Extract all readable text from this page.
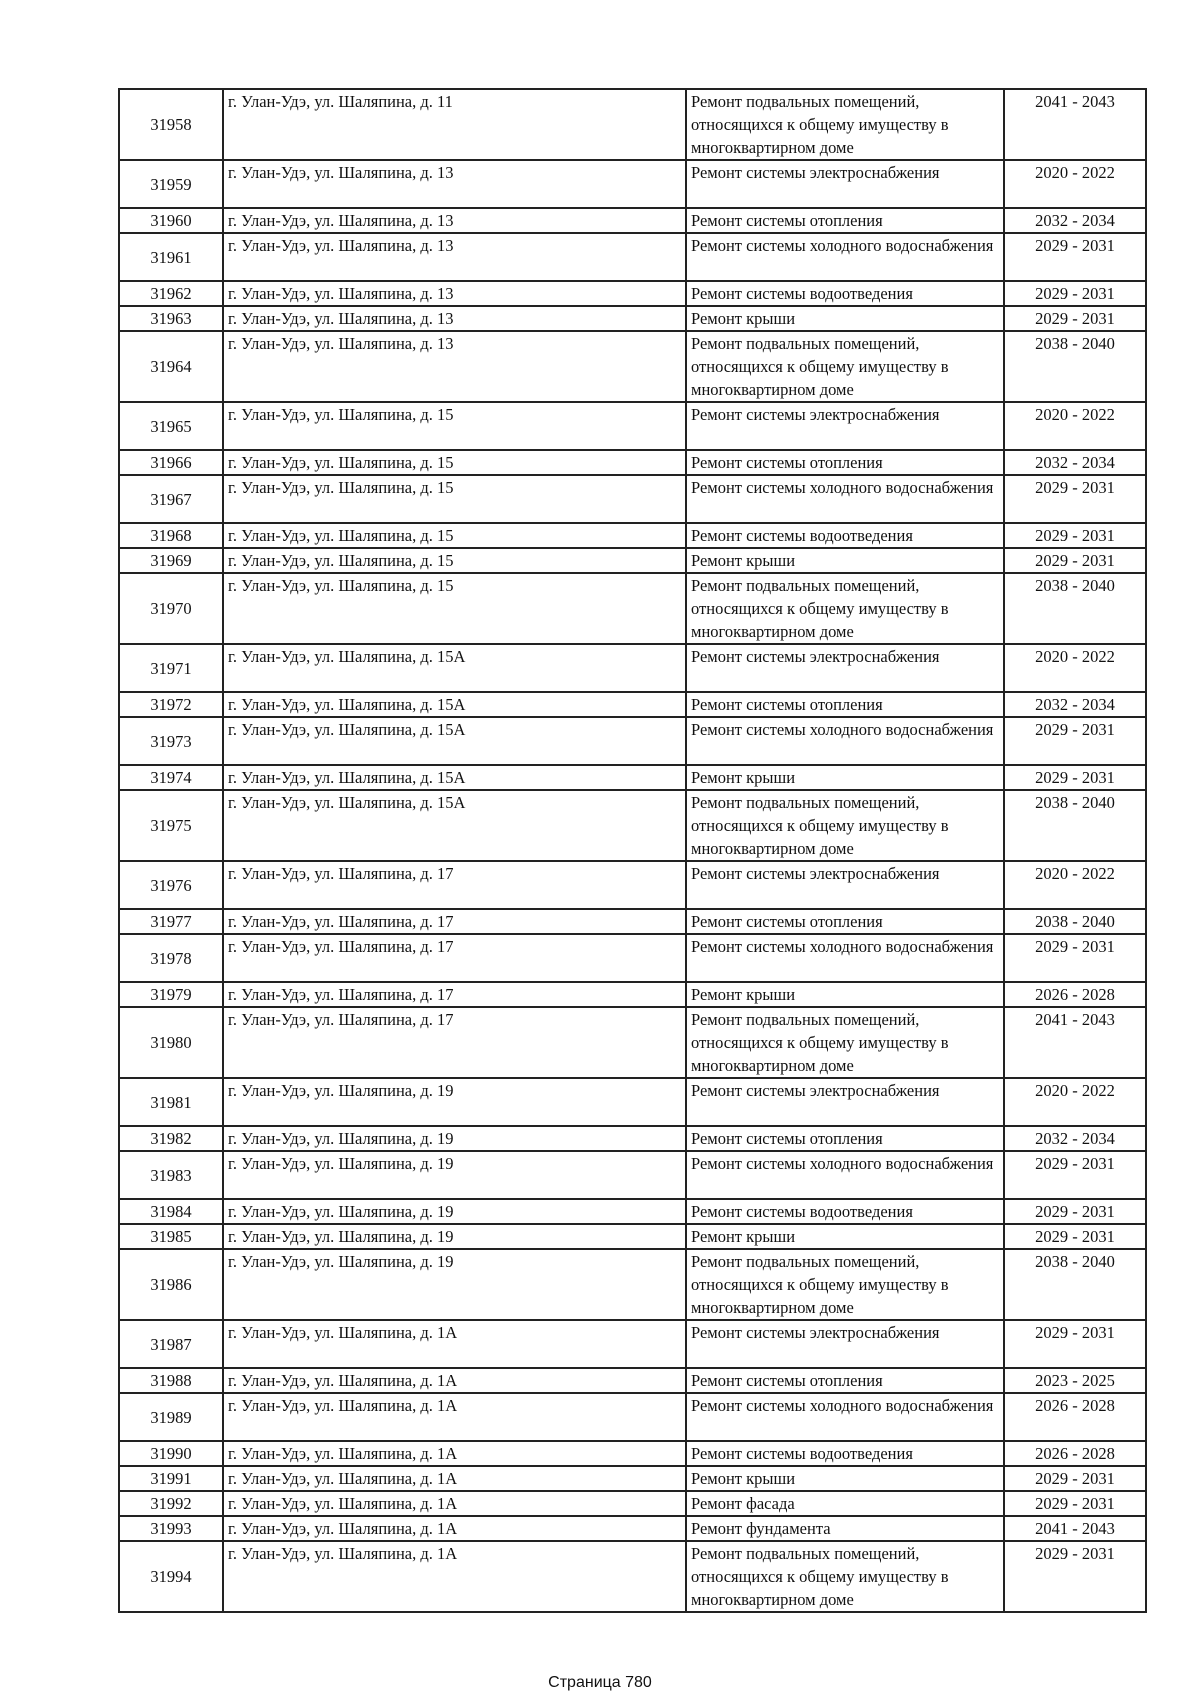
31958	г. Улан-Удэ, ул. Шаляпина, д. 11	Ремонт подвальных помещений, относящихся к общему имуществу в многоквартирном доме	2041 - 2043
31959	г. Улан-Удэ, ул. Шаляпина, д. 13	Ремонт системы электроснабжения	2020 - 2022
31960	г. Улан-Удэ, ул. Шаляпина, д. 13	Ремонт системы отопления	2032 - 2034
31961	г. Улан-Удэ, ул. Шаляпина, д. 13	Ремонт системы холодного водоснабжения	2029 - 2031
31962	г. Улан-Удэ, ул. Шаляпина, д. 13	Ремонт системы водоотведения	2029 - 2031
31963	г. Улан-Удэ, ул. Шаляпина, д. 13	Ремонт крыши	2029 - 2031
31964	г. Улан-Удэ, ул. Шаляпина, д. 13	Ремонт подвальных помещений, относящихся к общему имуществу в многоквартирном доме	2038 - 2040
31965	г. Улан-Удэ, ул. Шаляпина, д. 15	Ремонт системы электроснабжения	2020 - 2022
31966	г. Улан-Удэ, ул. Шаляпина, д. 15	Ремонт системы отопления	2032 - 2034
31967	г. Улан-Удэ, ул. Шаляпина, д. 15	Ремонт системы холодного водоснабжения	2029 - 2031
31968	г. Улан-Удэ, ул. Шаляпина, д. 15	Ремонт системы водоотведения	2029 - 2031
31969	г. Улан-Удэ, ул. Шаляпина, д. 15	Ремонт крыши	2029 - 2031
31970	г. Улан-Удэ, ул. Шаляпина, д. 15	Ремонт подвальных помещений, относящихся к общему имуществу в многоквартирном доме	2038 - 2040
31971	г. Улан-Удэ, ул. Шаляпина, д. 15А	Ремонт системы электроснабжения	2020 - 2022
31972	г. Улан-Удэ, ул. Шаляпина, д. 15А	Ремонт системы отопления	2032 - 2034
31973	г. Улан-Удэ, ул. Шаляпина, д. 15А	Ремонт системы холодного водоснабжения	2029 - 2031
31974	г. Улан-Удэ, ул. Шаляпина, д. 15А	Ремонт крыши	2029 - 2031
31975	г. Улан-Удэ, ул. Шаляпина, д. 15А	Ремонт подвальных помещений, относящихся к общему имуществу в многоквартирном доме	2038 - 2040
31976	г. Улан-Удэ, ул. Шаляпина, д. 17	Ремонт системы электроснабжения	2020 - 2022
31977	г. Улан-Удэ, ул. Шаляпина, д. 17	Ремонт системы отопления	2038 - 2040
31978	г. Улан-Удэ, ул. Шаляпина, д. 17	Ремонт системы холодного водоснабжения	2029 - 2031
31979	г. Улан-Удэ, ул. Шаляпина, д. 17	Ремонт крыши	2026 - 2028
31980	г. Улан-Удэ, ул. Шаляпина, д. 17	Ремонт подвальных помещений, относящихся к общему имуществу в многоквартирном доме	2041 - 2043
31981	г. Улан-Удэ, ул. Шаляпина, д. 19	Ремонт системы электроснабжения	2020 - 2022
31982	г. Улан-Удэ, ул. Шаляпина, д. 19	Ремонт системы отопления	2032 - 2034
31983	г. Улан-Удэ, ул. Шаляпина, д. 19	Ремонт системы холодного водоснабжения	2029 - 2031
31984	г. Улан-Удэ, ул. Шаляпина, д. 19	Ремонт системы водоотведения	2029 - 2031
31985	г. Улан-Удэ, ул. Шаляпина, д. 19	Ремонт крыши	2029 - 2031
31986	г. Улан-Удэ, ул. Шаляпина, д. 19	Ремонт подвальных помещений, относящихся к общему имуществу в многоквартирном доме	2038 - 2040
31987	г. Улан-Удэ, ул. Шаляпина, д. 1А	Ремонт системы электроснабжения	2029 - 2031
31988	г. Улан-Удэ, ул. Шаляпина, д. 1А	Ремонт системы отопления	2023 - 2025
31989	г. Улан-Удэ, ул. Шаляпина, д. 1А	Ремонт системы холодного водоснабжения	2026 - 2028
31990	г. Улан-Удэ, ул. Шаляпина, д. 1А	Ремонт системы водоотведения	2026 - 2028
31991	г. Улан-Удэ, ул. Шаляпина, д. 1А	Ремонт крыши	2029 - 2031
31992	г. Улан-Удэ, ул. Шаляпина, д. 1А	Ремонт фасада	2029 - 2031
31993	г. Улан-Удэ, ул. Шаляпина, д. 1А	Ремонт фундамента	2041 - 2043
31994	г. Улан-Удэ, ул. Шаляпина, д. 1А	Ремонт подвальных помещений, относящихся к общему имуществу в многоквартирном доме	2029 - 2031
Страница 780
